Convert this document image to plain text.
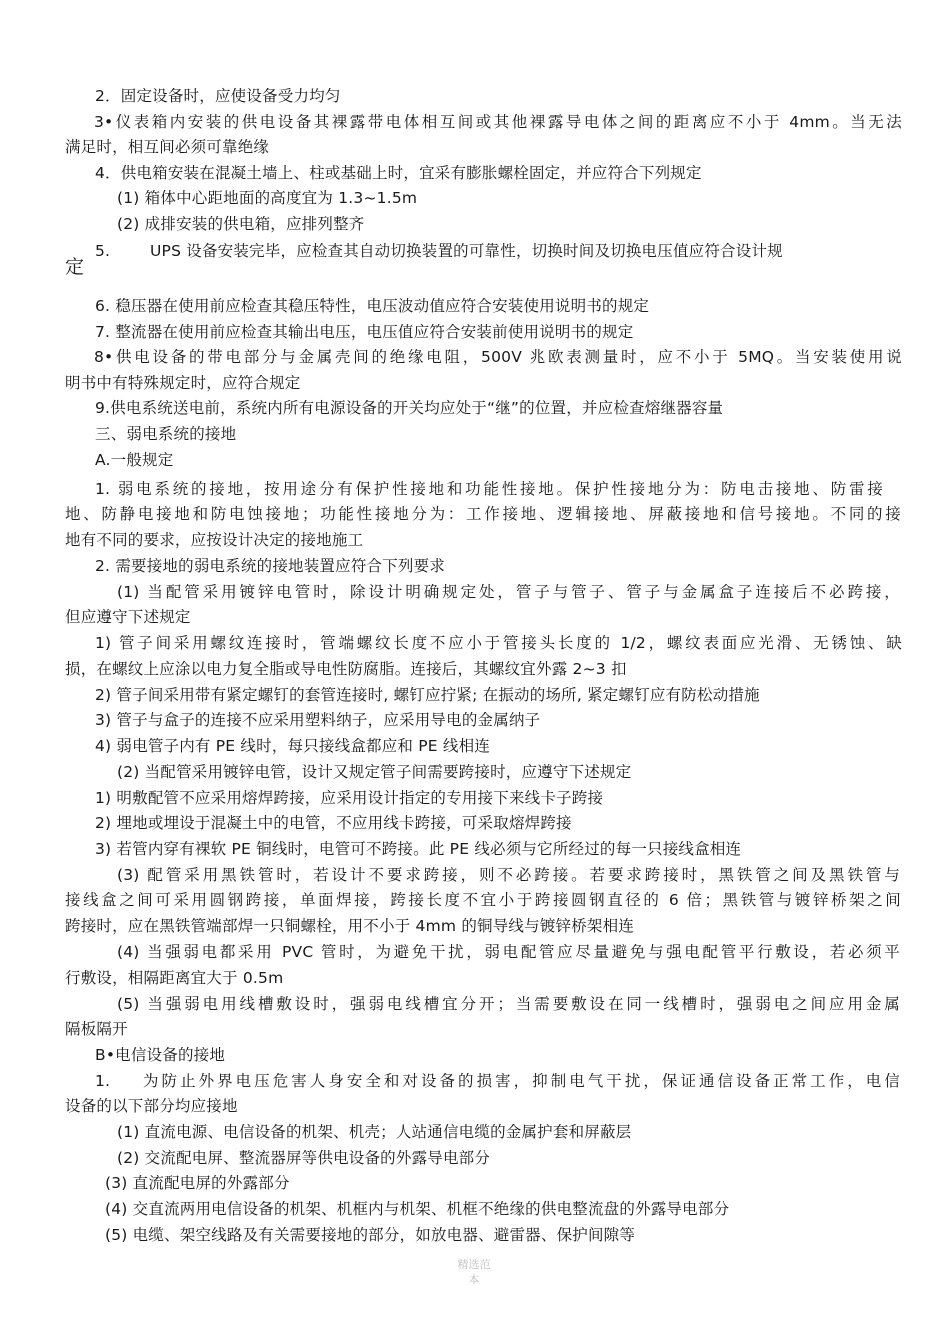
2．固定设备时，应使设备受力均匀
3•仪表箱内安装的供电设备其裸露带电体相互间或其他裸露导电体之间的距离应不小于 4mm。当无法
满足时，相互间必须可靠绝缘
4．供电箱安装在混凝土墙上、柱或基础上时，宜采有膨胀螺栓固定，并应符合下列规定
(1) 箱体中心距地面的高度宜为 1.3~1.5m
(2) 成排安装的供电箱，应排列整齐
5.	UPS 设备安装完毕，应检查其自动切换装置的可靠性，切换时间及切换电压值应符合设计规
定
6. 稳压器在使用前应检查其稳压特性，电压波动值应符合安装使用说明书的规定
7. 整流器在使用前应检查其输出电压，电压值应符合安装前使用说明书的规定
8•供电设备的带电部分与金属壳间的绝缘电阻，500V 兆欧表测量时，应不小于 5MQ。当安装使用说
明书中有特殊规定时，应符合规定
9.供电系统送电前，系统内所有电源设备的开关均应处于“继”的位置，并应检查熔继器容量
三、弱电系统的接地
A.一般规定
1. 弱电系统的接地，按用途分有保护性接地和功能性接地。保护性接地分为：防电击接地、防雷接
地、防静电接地和防电蚀接地；功能性接地分为：工作接地、逻辑接地、屏蔽接地和信号接地。不同的接
地有不同的要求，应按设计决定的接地施工
2. 需要接地的弱电系统的接地装置应符合下列要求
(1) 当配管采用镀锌电管时，除设计明确规定处，管子与管子、管子与金属盒子连接后不必跨接，
但应遵守下述规定
1) 管子间采用螺纹连接时，管端螺纹长度不应小于管接头长度的 1/2，螺纹表面应光滑、无锈蚀、缺
损，在螺纹上应涂以电力复全脂或导电性防腐脂。连接后，其螺纹宜外露 2~3 扣
2) 管子间采用带有紧定螺钉的套管连接时, 螺钉应拧紧; 在振动的场所, 紧定螺钉应有防松动措施
3) 管子与盒子的连接不应采用塑料纳子，应采用导电的金属纳子
4) 弱电管子内有 PE 线时，每只接线盒都应和 PE 线相连
(2) 当配管采用镀锌电管，设计又规定管子间需要跨接时，应遵守下述规定
1) 明敷配管不应采用熔焊跨接，应采用设计指定的专用接下来线卡子跨接
2) 埋地或埋设于混凝土中的电管，不应用线卡跨接，可采取熔焊跨接
3) 若管内穿有裸软 PE 铜线时，电管可不跨接。此 PE 线必须与它所经过的每一只接线盒相连
(3) 配管采用黑铁管时，若设计不要求跨接，则不必跨接。若要求跨接时，黑铁管之间及黑铁管与
接线盒之间可采用圆钢跨接，单面焊接，跨接长度不宜小于跨接圆钢直径的 6 倍；黑铁管与镀锌桥架之间
跨接时，应在黑铁管端部焊一只铜螺栓，用不小于 4mm 的铜导线与镀锌桥架相连
(4) 当强弱电都采用 PVC 管时，为避免干扰，弱电配管应尽量避免与强电配管平行敷设，若必须平
行敷设，相隔距离宜大于 0.5m
(5) 当强弱电用线槽敷设时，强弱电线槽宜分开；当需要敷设在同一线槽时，强弱电之间应用金属
隔板隔开
B•电信设备的接地
1. 为防止外界电压危害人身安全和对设备的损害，抑制电气干扰，保证通信设备正常工作，电信
设备的以下部分均应接地
(1) 直流电源、电信设备的机架、机壳；人站通信电缆的金属护套和屏蔽层
(2) 交流配电屏、整流器屏等供电设备的外露导电部分
(3) 直流配电屏的外露部分
(4) 交直流两用电信设备的机架、机框内与机架、机框不绝缘的供电整流盘的外露导电部分
(5) 电缆、架空线路及有关需要接地的部分，如放电器、避雷器、保护间隙等
精选范本
